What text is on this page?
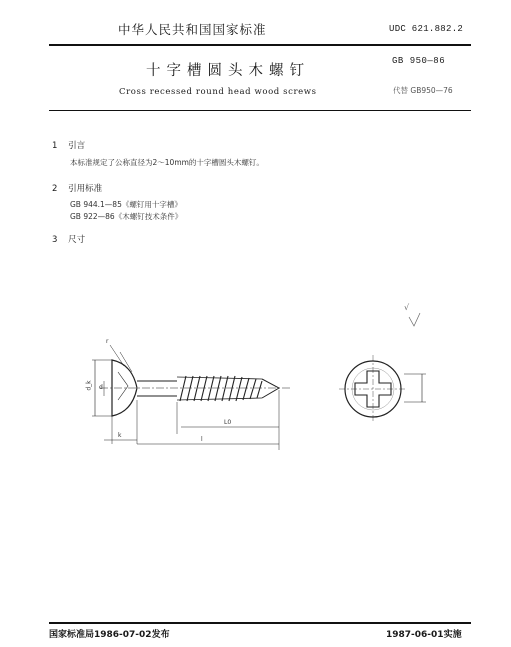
中华人民共和国国家标准	UDC 621.882.2
十字槽圆头木螺钉
GB 950—86
Cross recessed round head wood screws	代替 GB950—76
1 引言
本标准规定了公称直径为2～10mm的十字槽圆头木螺钉。
2 引用标准
GB 944.1—85《螺钉用十字槽》
GB 922—86《木螺钉技术条件》
3 尺寸
√
d_k d
r
k
L0
l
国家标准局1986-07-02发布	1987-06-01实施
